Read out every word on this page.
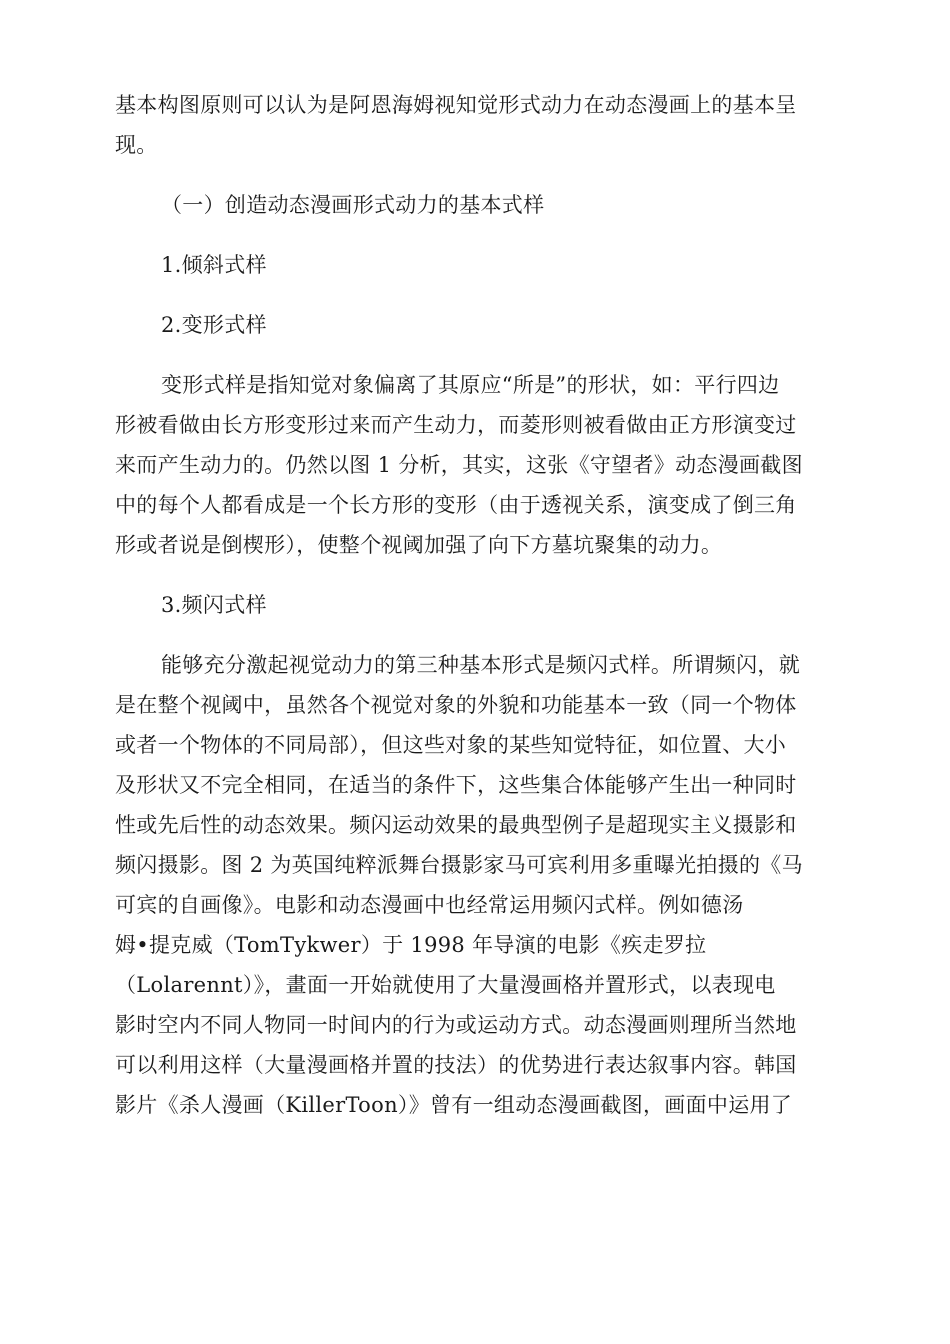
基本构图原则可以认为是阿恩海姆视知觉形式动力在动态漫画上的基本呈
现。
（一）创造动态漫画形式动力的基本式样
1.倾斜式样
2.变形式样
变形式样是指知觉对象偏离了其原应“所是”的形状，如：平行四边
形被看做由长方形变形过来而产生动力，而菱形则被看做由正方形演变过
来而产生动力的。仍然以图 1 分析，其实，这张《守望者》动态漫画截图
中的每个人都看成是一个长方形的变形（由于透视关系，演变成了倒三角
形或者说是倒楔形），使整个视阈加强了向下方墓坑聚集的动力。
3.频闪式样
能够充分激起视觉动力的第三种基本形式是频闪式样。所谓频闪，就
是在整个视阈中，虽然各个视觉对象的外貌和功能基本一致（同一个物体
或者一个物体的不同局部），但这些对象的某些知觉特征，如位置、大小
及形状又不完全相同，在适当的条件下，这些集合体能够产生出一种同时
性或先后性的动态效果。频闪运动效果的最典型例子是超现实主义摄影和
频闪摄影。图 2 为英国纯粹派舞台摄影家马可宾利用多重曝光拍摄的《马
可宾的自画像》。电影和动态漫画中也经常运用频闪式样。例如德汤
姆•提克威（TomTykwer）于 1998 年导演的电影《疾走罗拉
（Lolarennt）》，畫面一开始就使用了大量漫画格并置形式，以表现电
影时空内不同人物同一时间内的行为或运动方式。动态漫画则理所当然地
可以利用这样（大量漫画格并置的技法）的优势进行表达叙事内容。韩国
影片《杀人漫画（KillerToon）》曾有一组动态漫画截图，画面中运用了
